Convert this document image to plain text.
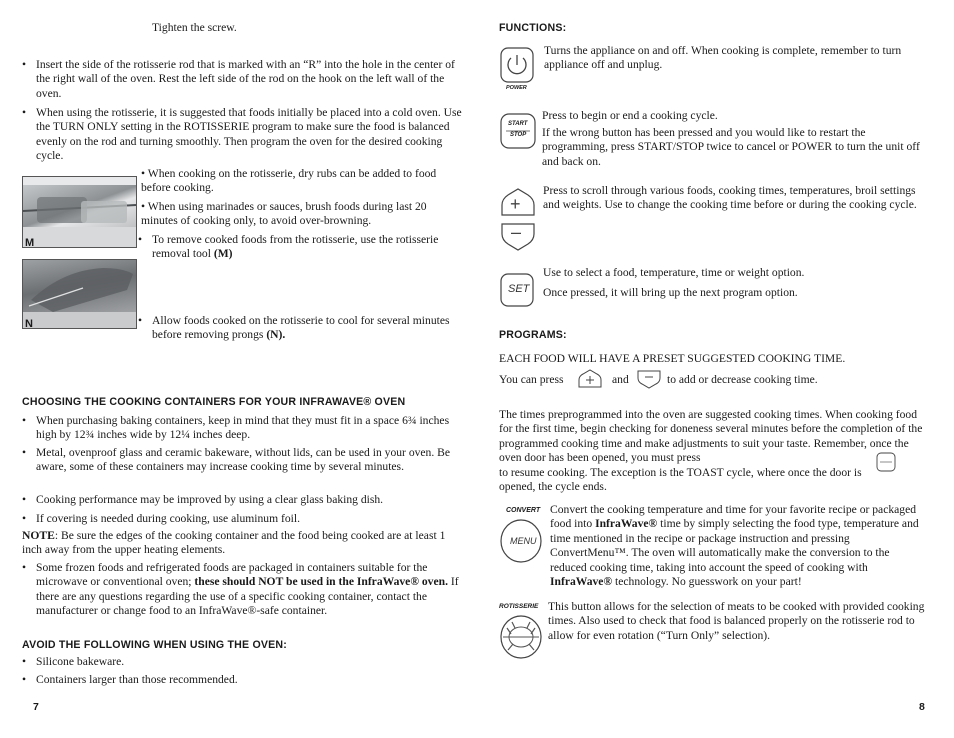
Tighten the screw.
• Insert the side of the rotisserie rod that is marked with an “R” into the hole in the center of the right wall of the oven. Rest the left side of the rod on the hook on the left wall of the oven.
• When using the rotisserie, it is suggested that foods initially be placed into a cold oven. Use the TURN ONLY setting in the ROTISSERIE program to make sure the food is balanced evenly on the rod and turning smoothly. Then program the oven for the desired cooking cycle.
M
N
• When cooking on the rotisserie, dry rubs can be added to food before cooking.
• When using marinades or sauces, brush foods during last 20 minutes of cooking only, to avoid over-browning.
• To remove cooked foods from the rotisserie, use the rotisserie removal tool (M)
• Allow foods cooked on the rotisserie to cool for several minutes before removing prongs (N).
CHOOSING THE COOKING CONTAINERS FOR YOUR INFRAWAVE® OVEN
• When purchasing baking containers, keep in mind that they must fit in a space 6¾ inches high by 12¾ inches wide by 12¼ inches deep.
• Metal, ovenproof glass and ceramic bakeware, without lids, can be used in your oven. Be aware, some of these containers may increase cooking time by several minutes.
• Cooking performance may be improved by using a clear glass baking dish.
• If covering is needed during cooking, use aluminum foil.
NOTE: Be sure the edges of the cooking container and the food being cooked are at least 1 inch away from the upper heating elements.
• Some frozen foods and refrigerated foods are packaged in containers suitable for the microwave or conventional oven; these should NOT be used in the InfraWave® oven. If there are any questions regarding the use of a specific cooking container, contact the manufacturer or change food to an InfraWave®-safe container.
AVOID THE FOLLOWING WHEN USING THE OVEN:
• Silicone bakeware.
• Containers larger than those recommended.
7
FUNCTIONS:
POWER
Turns the appliance on and off. When cooking is complete, remember to turn appliance off and unplug.
START
STOP
Press to begin or end a cooking cycle.
If the wrong button has been pressed and you would like to restart the programming, press START/STOP twice to cancel or POWER to turn the unit off and back on.
+
–
Press to scroll through various foods, cooking times, temperatures, broil settings and weights. Use to change the cooking time before or during the cooking cycle.
SET
Use to select a food, temperature, time or weight option.
Once pressed, it will bring up the next program option.
PROGRAMS:
EACH FOOD WILL HAVE A PRESET SUGGESTED COOKING TIME.
You can press	and	to add or decrease cooking time.
The times preprogrammed into the oven are suggested cooking times. When cooking food for the first time, begin checking for doneness several minutes before the completion of the programmed cooking time and make adjustments to suit your taste. Remember, once the oven door has been opened, you must press
to resume cooking. The exception is the TOAST cycle, where once the door is opened, the cycle ends.
CONVERT
MENU
Convert the cooking temperature and time for your favorite recipe or packaged food into InfraWave® time by simply selecting the food type, temperature and time mentioned in the recipe or package instruction and pressing ConvertMenu™. The oven will automatically make the conversion to the reduced cooking time, taking into account the speed of cooking with InfraWave® technology. No guesswork on your part!
ROTISSERIE This button allows for the selection of meats to be cooked with provided cooking times. Also used to check that food is balanced properly on the rotisserie rod to allow for even rotation (“Turn Only” selection).
8
